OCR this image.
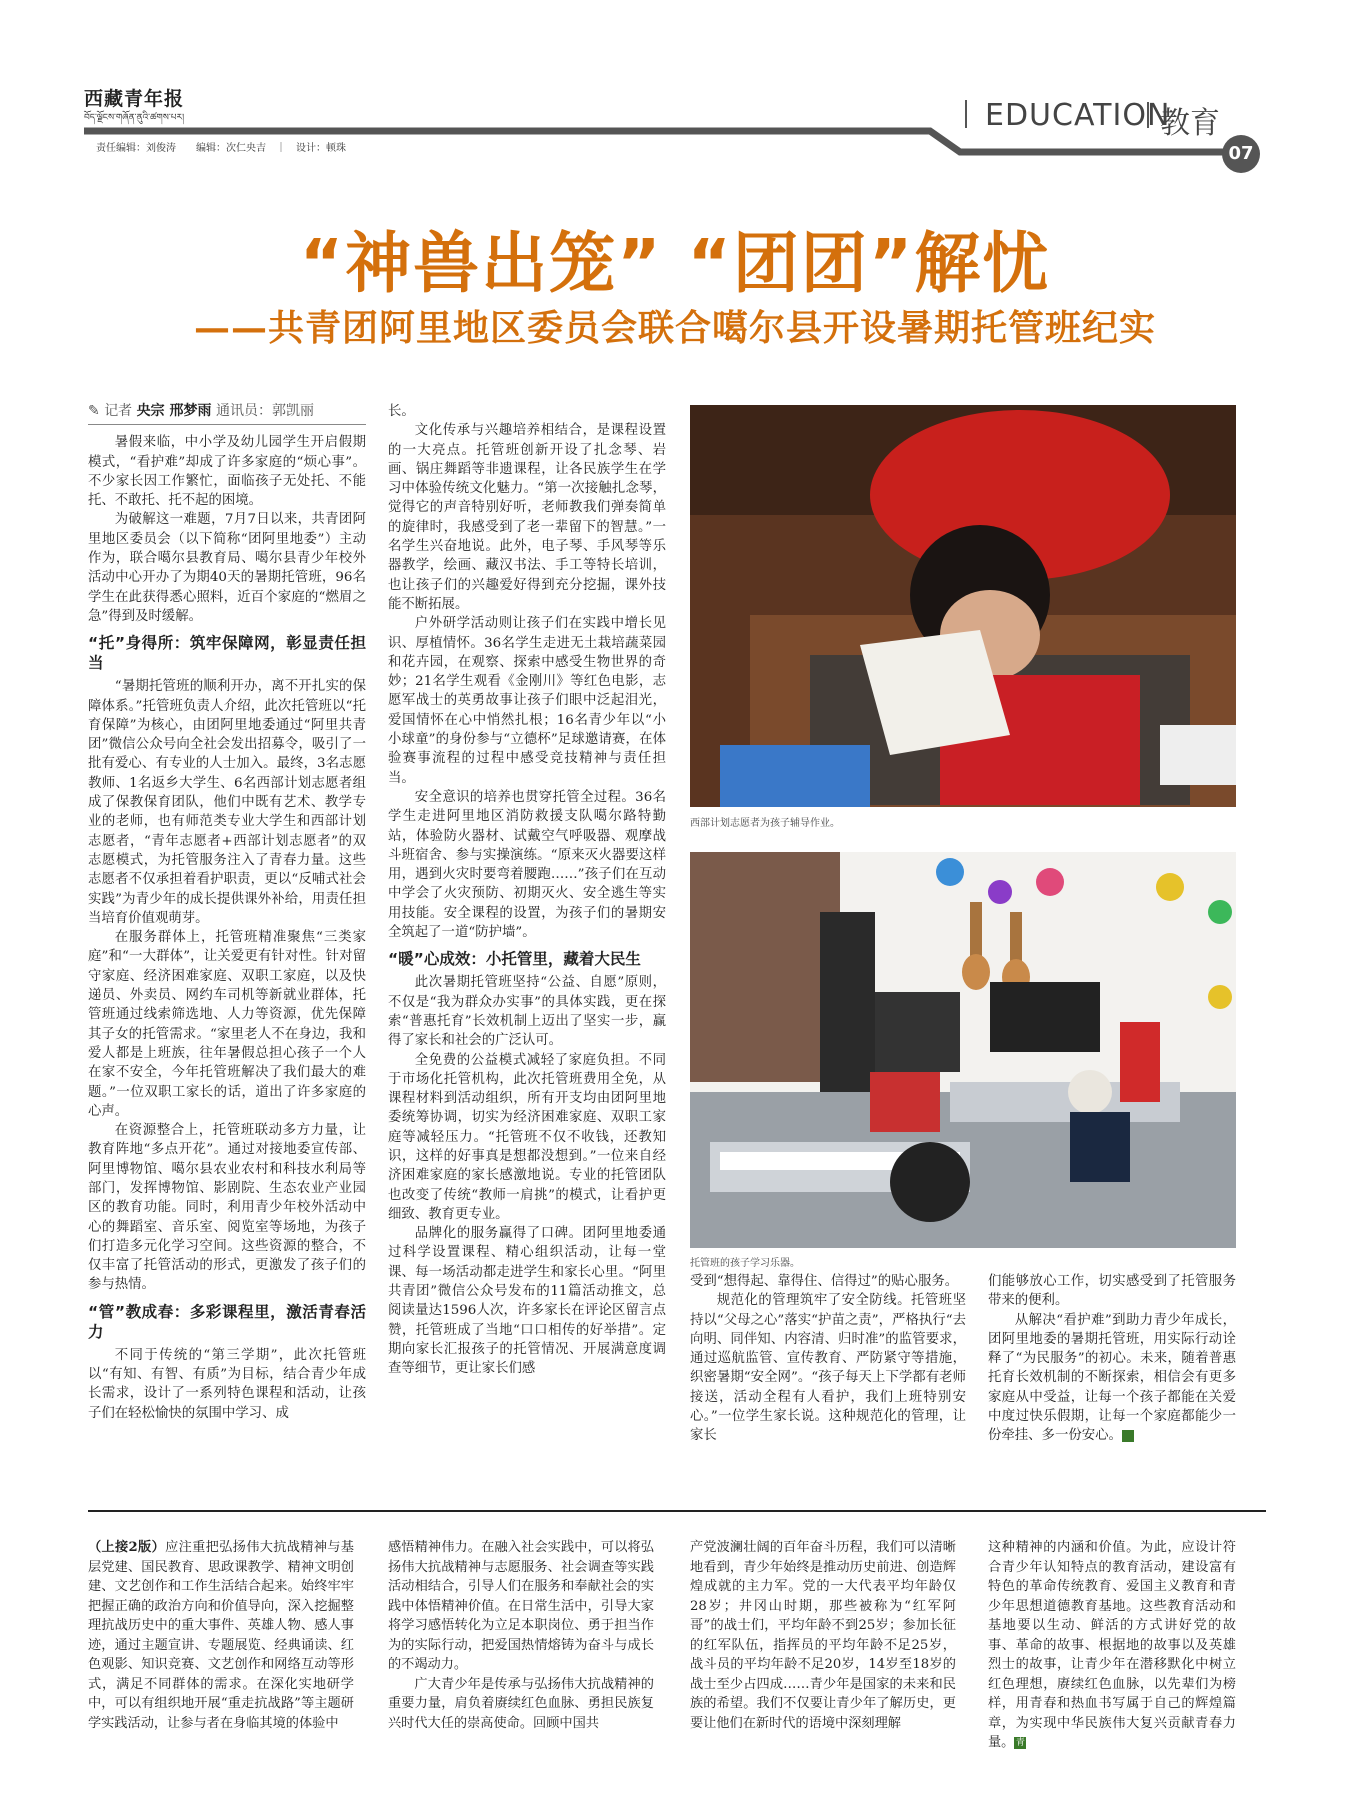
西藏青年报
བོད་ལྗོངས་གཞོན་ནུའི་ཚགས་པར།
责任编辑：刘俊涛　　编辑：次仁央吉　｜　设计：顿珠
EDUCATION
教育
07
“神兽出笼” “团团”解忧
——共青团阿里地区委员会联合噶尔县开设暑期托管班纪实
✎ 记者 央宗 邢梦雨 通讯员：郭凯丽

暑假来临，中小学及幼儿园学生开启假期模式，“看护难”却成了许多家庭的“烦心事”。不少家长因工作繁忙，面临孩子无处托、不能托、不敢托、托不起的困境。

为破解这一难题，7月7日以来，共青团阿里地区委员会（以下简称“团阿里地委”）主动作为，联合噶尔县教育局、噶尔县青少年校外活动中心开办了为期40天的暑期托管班，96名学生在此获得悉心照料，近百个家庭的“燃眉之急”得到及时缓解。

“托”身得所：筑牢保障网，彰显责任担当

“暑期托管班的顺利开办，离不开扎实的保障体系。”托管班负责人介绍，此次托管班以“托育保障”为核心，由团阿里地委通过“阿里共青团”微信公众号向全社会发出招募令，吸引了一批有爱心、有专业的人士加入。最终，3名志愿教师、1名返乡大学生、6名西部计划志愿者组成了保教保育团队，他们中既有艺术、教学专业的老师，也有师范类专业大学生和西部计划志愿者，“青年志愿者+西部计划志愿者”的双志愿模式，为托管服务注入了青春力量。这些志愿者不仅承担着看护职责，更以“反哺式社会实践”为青少年的成长提供课外补给，用责任担当培育价值观萌芽。

在服务群体上，托管班精准聚焦“三类家庭”和“一大群体”，让关爱更有针对性。针对留守家庭、经济困难家庭、双职工家庭，以及快递员、外卖员、网约车司机等新就业群体，托管班通过线索筛选地、人力等资源，优先保障其子女的托管需求。“家里老人不在身边，我和爱人都是上班族，往年暑假总担心孩子一个人在家不安全，今年托管班解决了我们最大的难题。”一位双职工家长的话，道出了许多家庭的心声。

在资源整合上，托管班联动多方力量，让教育阵地“多点开花”。通过对接地委宣传部、阿里博物馆、噶尔县农业农村和科技水利局等部门，发挥博物馆、影剧院、生态农业产业园区的教育功能。同时，利用青少年校外活动中心的舞蹈室、音乐室、阅览室等场地，为孩子们打造多元化学习空间。这些资源的整合，不仅丰富了托管活动的形式，更激发了孩子们的参与热情。

“管”教成春：多彩课程里，激活青春活力

不同于传统的“第三学期”，此次托管班以“有知、有智、有质”为目标，结合青少年成长需求，设计了一系列特色课程和活动，让孩子们在轻松愉快的氛围中学习、成

长。

文化传承与兴趣培养相结合，是课程设置的一大亮点。托管班创新开设了扎念琴、岩画、锅庄舞蹈等非遗课程，让各民族学生在学习中体验传统文化魅力。“第一次接触扎念琴，觉得它的声音特别好听，老师教我们弹奏简单的旋律时，我感受到了老一辈留下的智慧。”一名学生兴奋地说。此外，电子琴、手风琴等乐器教学，绘画、藏汉书法、手工等特长培训，也让孩子们的兴趣爱好得到充分挖掘，课外技能不断拓展。

户外研学活动则让孩子们在实践中增长见识、厚植情怀。36名学生走进无土栽培蔬菜园和花卉园，在观察、探索中感受生物世界的奇妙；21名学生观看《金刚川》等红色电影，志愿军战士的英勇故事让孩子们眼中泛起泪光，爱国情怀在心中悄然扎根；16名青少年以“小小球童”的身份参与“立德杯”足球邀请赛，在体验赛事流程的过程中感受竞技精神与责任担当。

安全意识的培养也贯穿托管全过程。36名学生走进阿里地区消防救援支队噶尔路特勤站，体验防火器材、试戴空气呼吸器、观摩战斗班宿舍、参与实操演练。“原来灭火器要这样用，遇到火灾时要弯着腰跑……”孩子们在互动中学会了火灾预防、初期灭火、安全逃生等实用技能。安全课程的设置，为孩子们的暑期安全筑起了一道“防护墙”。

“暖”心成效：小托管里，藏着大民生

此次暑期托管班坚持“公益、自愿”原则，不仅是“我为群众办实事”的具体实践，更在探索“普惠托育”长效机制上迈出了坚实一步，赢得了家长和社会的广泛认可。

全免费的公益模式减轻了家庭负担。不同于市场化托管机构，此次托管班费用全免，从课程材料到活动组织，所有开支均由团阿里地委统筹协调，切实为经济困难家庭、双职工家庭等减轻压力。“托管班不仅不收钱，还教知识，这样的好事真是想都没想到。”一位来自经济困难家庭的家长感激地说。专业的托管团队也改变了传统“教师一肩挑”的模式，让看护更细致、教育更专业。

品牌化的服务赢得了口碑。团阿里地委通过科学设置课程、精心组织活动，让每一堂课、每一场活动都走进学生和家长心里。“阿里共青团”微信公众号发布的11篇活动推文，总阅读量达1596人次，许多家长在评论区留言点赞，托管班成了当地“口口相传的好举措”。定期向家长汇报孩子的托管情况、开展满意度调查等细节，更让家长们感

西部计划志愿者为孩子辅导作业。
托管班的孩子学习乐器。

受到“想得起、靠得住、信得过”的贴心服务。

规范化的管理筑牢了安全防线。托管班坚持以“父母之心”落实“护苗之责”，严格执行“去向明、同伴知、内容清、归时准”的监管要求，通过巡航监管、宣传教育、严防紧守等措施，织密暑期“安全网”。“孩子每天上下学都有老师接送，活动全程有人看护，我们上班特别安心。”一位学生家长说。这种规范化的管理，让家长

们能够放心工作，切实感受到了托管服务带来的便利。

从解决“看护难”到助力青少年成长，团阿里地委的暑期托管班，用实际行动诠释了“为民服务”的初心。未来，随着普惠托育长效机制的不断探索，相信会有更多家庭从中受益，让每一个孩子都能在关爱中度过快乐假期，让每一个家庭都能少一份牵挂、多一份安心。	青

（上接2版）应注重把弘扬伟大抗战精神与基层党建、国民教育、思政课教学、精神文明创建、文艺创作和工作生活结合起来。始终牢牢把握正确的政治方向和价值导向，深入挖掘整理抗战历史中的重大事件、英雄人物、感人事迹，通过主题宣讲、专题展览、经典诵读、红色观影、知识竞赛、文艺创作和网络互动等形式，满足不同群体的需求。在深化实地研学中，可以有组织地开展“重走抗战路”等主题研学实践活动，让参与者在身临其境的体验中

感悟精神伟力。在融入社会实践中，可以将弘扬伟大抗战精神与志愿服务、社会调查等实践活动相结合，引导人们在服务和奉献社会的实践中体悟精神价值。在日常生活中，引导大家将学习感悟转化为立足本职岗位、勇于担当作为的实际行动，把爱国热情熔铸为奋斗与成长的不竭动力。

广大青少年是传承与弘扬伟大抗战精神的重要力量，肩负着赓续红色血脉、勇担民族复兴时代大任的崇高使命。回顾中国共

产党波澜壮阔的百年奋斗历程，我们可以清晰地看到，青少年始终是推动历史前进、创造辉煌成就的主力军。党的一大代表平均年龄仅28岁；井冈山时期，那些被称为“红军阿哥”的战士们，平均年龄不到25岁；参加长征的红军队伍，指挥员的平均年龄不足25岁，战斗员的平均年龄不足20岁，14岁至18岁的战士至少占四成……青少年是国家的未来和民族的希望。我们不仅要让青少年了解历史，更要让他们在新时代的语境中深刻理解

这种精神的内涵和价值。为此，应设计符合青少年认知特点的教育活动，建设富有特色的革命传统教育、爱国主义教育和青少年思想道德教育基地。这些教育活动和基地要以生动、鲜活的方式讲好党的故事、革命的故事、根据地的故事以及英雄烈士的故事，让青少年在潜移默化中树立红色理想，赓续红色血脉，以先辈们为榜样，用青春和热血书写属于自己的辉煌篇章，为实现中华民族伟大复兴贡献青春力量。青
